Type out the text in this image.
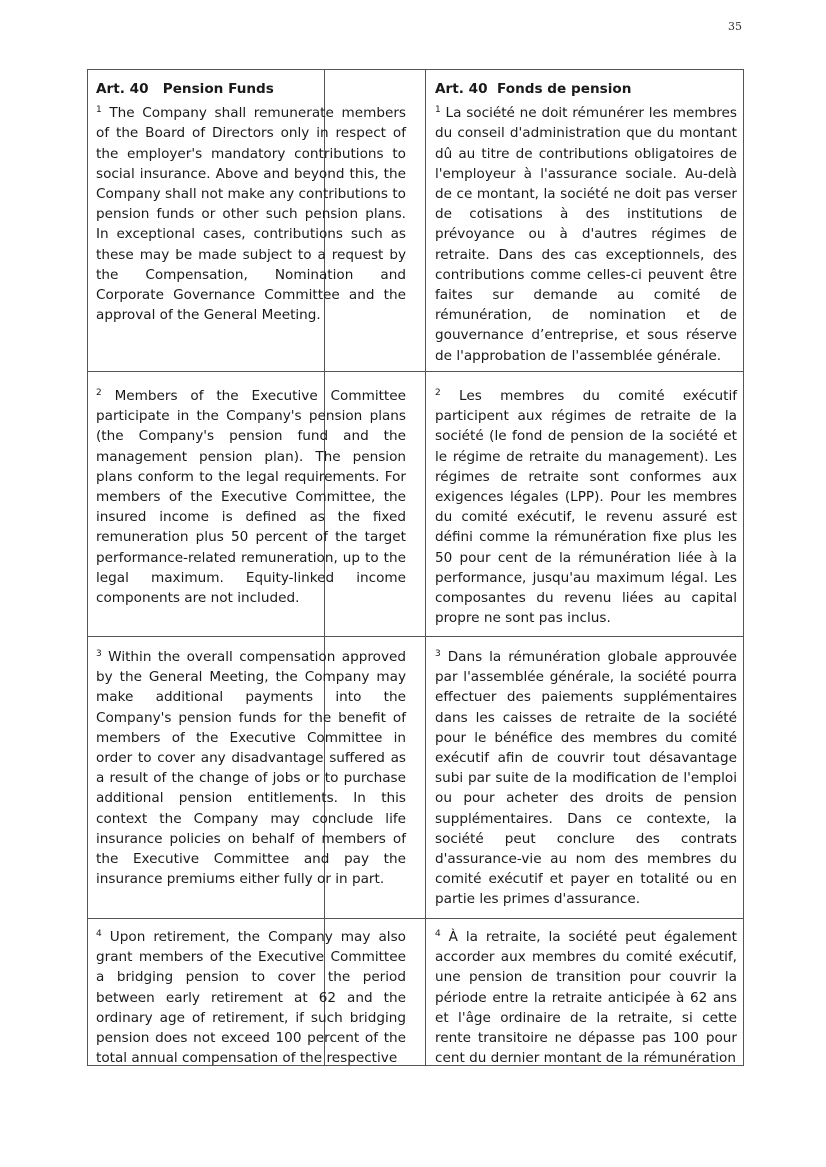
35
Art. 40   Pension Funds

$^1$ The Company shall remunerate members of the Board of Directors only in respect of the employer's mandatory contributions to social insurance. Above and beyond this, the Company shall not make any contributions to pension funds or other such pension plans. In exceptional cases, contributions such as these may be made subject to a request by the Compensation, Nomination and Corporate Governance Committee and the approval of the General Meeting.

Art. 40  Fonds de pension

$^1$ La société ne doit rémunérer les membres du conseil d'administration que du montant dû au titre de contributions obligatoires de l'employeur à l'assurance sociale. Au-delà de ce montant, la société ne doit pas verser de cotisations à des institutions de prévoyance ou à d'autres régimes de retraite. Dans des cas exceptionnels, des contributions comme celles-ci peuvent être faites sur demande au comité de rémunération, de nomination et de gouvernance d’entreprise, et sous réserve de l'approbation de l'assemblée générale.

$^2$ Members of the Executive Committee participate in the Company's pension plans (the Company's pension fund and the management pension plan). The pension plans conform to the legal requirements. For members of the Executive Committee, the insured income is defined as the fixed remuneration plus 50 percent of the target performance-related remuneration, up to the legal maximum. Equity-linked income components are not included.

$^2$ Les membres du comité exécutif participent aux régimes de retraite de la société (le fond de pension de la société et le régime de retraite du management). Les régimes de retraite sont conformes aux exigences légales (LPP). Pour les membres du comité exécutif, le revenu assuré est défini comme la rémunération fixe plus les 50 pour cent de la rémunération liée à la performance, jusqu'au maximum légal. Les composantes du revenu liées au capital propre ne sont pas inclus.

$^3$ Within the overall compensation approved by the General Meeting, the Company may make additional payments into the Company's pension funds for the benefit of members of the Executive Committee in order to cover any disadvantage suffered as a result of the change of jobs or to purchase additional pension entitlements. In this context the Company may conclude life insurance policies on behalf of members of the Executive Committee and pay the insurance premiums either fully or in part.

$^3$ Dans la rémunération globale approuvée par l'assemblée générale, la société pourra effectuer des paiements supplémentaires dans les caisses de retraite de la société pour le bénéfice des membres du comité exécutif afin de couvrir tout désavantage subi par suite de la modification de l'emploi ou pour acheter des droits de pension supplémentaires. Dans ce contexte, la société peut conclure des contrats d'assurance-vie au nom des membres du comité exécutif et payer en totalité ou en partie les primes d'assurance.

$^4$ Upon retirement, the Company may also grant members of the Executive Committee a bridging pension to cover the period between early retirement at 62 and the ordinary age of retirement, if such bridging pension does not exceed 100 percent of the total annual compensation of the respective

$^4$ À la retraite, la société peut également accorder aux membres du comité exécutif, une pension de transition pour couvrir la période entre la retraite anticipée à 62 ans et l'âge ordinaire de la retraite, si cette rente transitoire ne dépasse pas 100 pour cent du dernier montant de la rémunération
